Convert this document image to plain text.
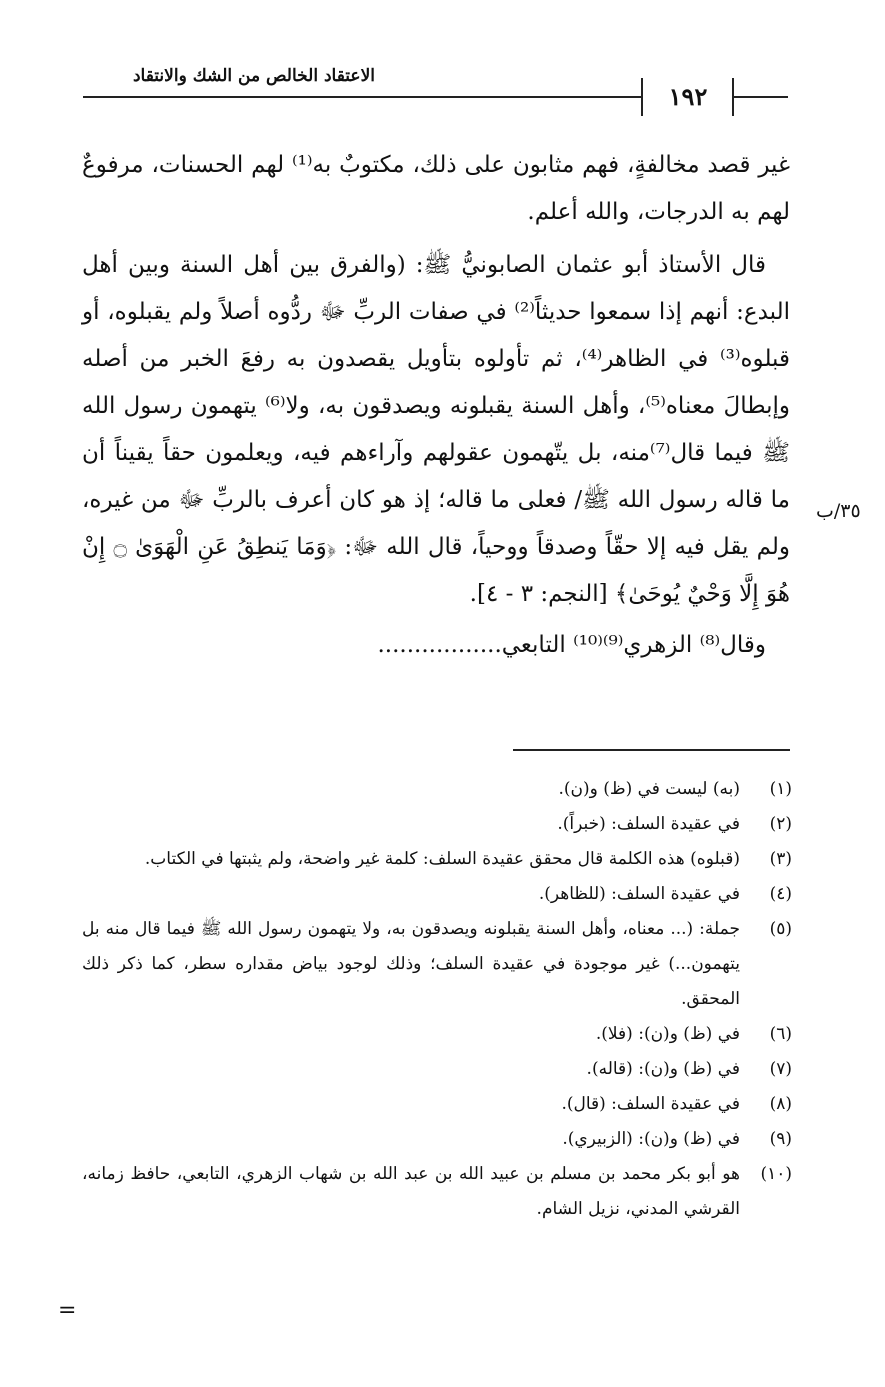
الاعتقاد الخالص من الشك والانتقاد
١٩٢

غير قصد مخالفةٍ، فهم مثابون على ذلك، مكتوبٌ به⁽¹⁾ لهم الحسنات، مرفوعٌ لهم به الدرجات، والله أعلم.

قال الأستاذ أبو عثمان الصابونيُّ ﷺ: (والفرق بين أهل السنة وبين أهل البدع: أنهم إذا سمعوا حديثاً⁽²⁾ في صفات الربِّ ﷻ ردُّوه أصلاً ولم يقبلوه، أو قبلوه⁽³⁾ في الظاهر⁽⁴⁾، ثم تأولوه بتأويل يقصدون به رفعَ الخبر من أصله وإبطالَ معناه⁽⁵⁾، وأهل السنة يقبلونه ويصدقون به، ولا⁽⁶⁾ يتهمون رسول الله ﷺ فيما قال⁽⁷⁾منه، بل يتّهمون عقولهم وآراءهم فيه، ويعلمون حقاً يقيناً أن ما قاله رسول الله ﷺ/ فعلى ما قاله؛ إذ هو كان أعرف بالربِّ ﷻ من غيره، ولم يقل فيه إلا حقّاً وصدقاً ووحياً، قال الله ﷻ: ﴿وَمَا يَنطِقُ عَنِ الْهَوَىٰ ۝ إِنْ هُوَ إِلَّا وَحْيٌ يُوحَىٰ﴾ [النجم: ٣ - ٤].

وقال⁽⁸⁾ الزهري⁽⁹⁾⁽¹⁰⁾ التابعي.................

٣٥/ب
(١)
(به) ليست في (ظ) و(ن).
(٢)
في عقيدة السلف: (خبراً).
(٣)
(قبلوه) هذه الكلمة قال محقق عقيدة السلف: كلمة غير واضحة، ولم يثبتها في الكتاب.
(٤)
في عقيدة السلف: (للظاهر).
(٥)
جملة: (... معناه، وأهل السنة يقبلونه ويصدقون به، ولا يتهمون رسول الله ﷺ فيما قال منه بل يتهمون...) غير موجودة في عقيدة السلف؛ وذلك لوجود بياض مقداره سطر، كما ذكر ذلك المحقق.
(٦)
في (ظ) و(ن): (فلا).
(٧)
في (ظ) و(ن): (قاله).
(٨)
في عقيدة السلف: (قال).
(٩)
في (ظ) و(ن): (الزبيري).
(١٠)
هو أبو بكر محمد بن مسلم بن عبيد الله بن عبد الله بن شهاب الزهري، التابعي، حافظ زمانه، القرشي المدني، نزيل الشام.
=
